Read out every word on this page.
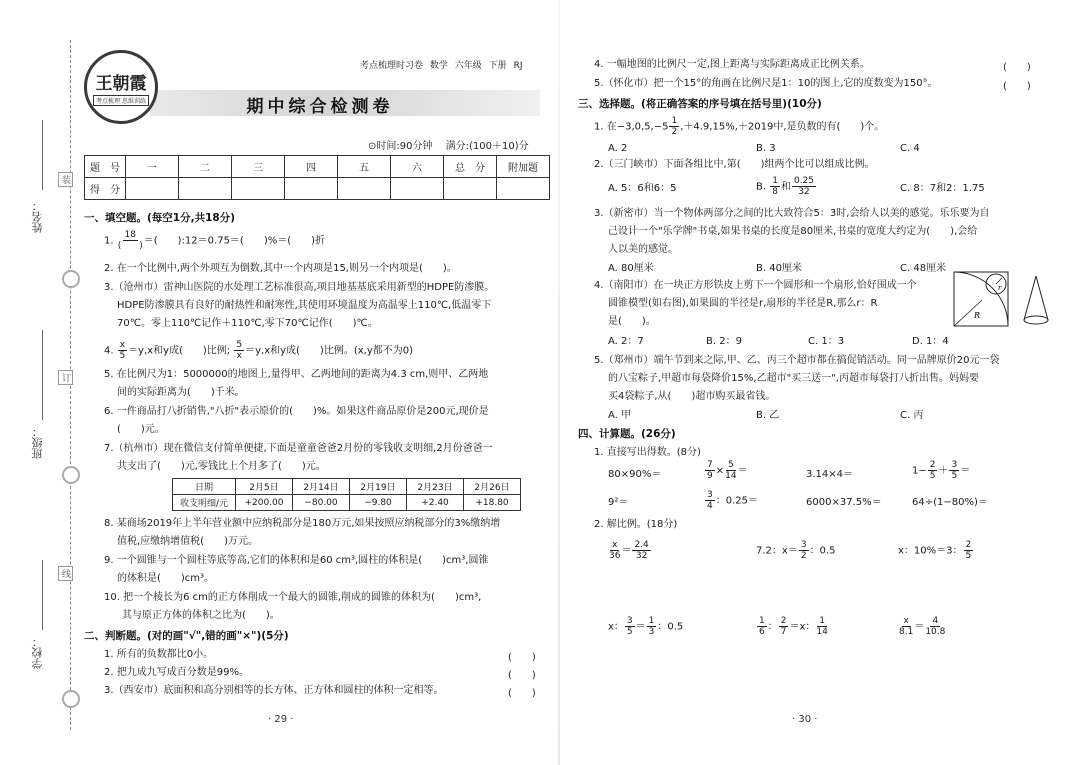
姓名：
班级：
学校：
装
订
线
王朝霞
考点梳理 思维训练
考点梳理时习卷 数学 六年级 下册 RJ
期中综合检测卷
⊙时间:90分钟　 满分:(100＋10)分
题　号	一	二	三	四	五	六	总　分	附加题
得　分								
一、填空题。(每空1分,共18分)
1. $\frac{18}{( )}$ ＝(　　):12＝0.75＝(　　)%＝(　　)折
2. 在一个比例中,两个外项互为倒数,其中一个内项是15,则另一个内项是(　　)。
3.（沧州市）雷神山医院的水处理工艺标准很高,项目地基基底采用新型的HDPE防渗膜。
HDPE防渗膜具有良好的耐热性和耐寒性,其使用环境温度为高温零上110℃,低温零下
70℃。零上110℃记作＋110℃,零下70℃记作(　　)℃。
4. $\frac{x}{5} =y,x$和y成(　　)比例; $\frac{5}{x} =y,x$和y成(　　)比例。(x,y都不为0)
5. 在比例尺为1：5000000的地图上,量得甲、乙两地间的距离为4.3 cm,则甲、乙两地
间的实际距离为(　　)千米。
6. 一件商品打八折销售,"八折"表示原价的(　　)%。如果这件商品原价是200元,现价是
(　　)元。
7.（杭州市）现在微信支付简单便捷,下面是童童爸爸2月份的零钱收支明细,2月份爸爸一
共支出了(　　)元,零钱比上个月多了(　　)元。
日期	2月5日	2月14日	2月19日	2月23日	2月26日
收支明细/元	+200.00	−80.00	−9.80	+2.40	+18.80
8. 某商场2019年上半年营业额中应纳税部分是180万元,如果按照应纳税部分的3%缴纳增
值税,应缴纳增值税(　　)万元。
9. 一个圆锥与一个圆柱等底等高,它们的体积和是60 cm³,圆柱的体积是(　　)cm³,圆锥
的体积是(　　)cm³。
10. 把一个棱长为6 cm的正方体削成一个最大的圆锥,削成的圆锥的体积为(　　)cm³,
其与原正方体的体积之比为(　　)。
二、判断题。(对的画"√",错的画"×")(5分)
1. 所有的负数都比0小。	(　　)
2. 把九成九写成百分数是99%。	(　　)
3.（西安市）底面积和高分别相等的长方体、正方体和圆柱的体积一定相等。	(　　)
· 29 ·
4. 一幅地图的比例尺一定,图上距离与实际距离成正比例关系。	(　　)
5.（怀化市）把一个15°的角画在比例尺是1：10的图上,它的度数变为150°。	(　　)
三、选择题。(将正确答案的序号填在括号里)(10分)
1. 在$-3,0,5,-5 \frac{1}{2} ,+4.9,15\%,+2019$中,是负数的有(　　)个。
A. 2	B. 3	C. 4
2.（三门峡市）下面各组比中,第(　　)组两个比可以组成比例。
A. 5：6和6：5	B. $\frac{1}{8}$ 和 $\frac{0.25}{32}$	C. 8：7和2：1.75
3.（新密市）当一个物体两部分之间的比大致符合5：3时,会给人以美的感觉。乐乐要为自
己设计一个"乐学牌"书桌,如果书桌的长度是80厘米,书桌的宽度大约定为(　　),会给
人以美的感觉。
A. 80厘米	B. 40厘米	C. 48厘米
4.（南阳市）在一块正方形铁皮上剪下一个圆形和一个扇形,恰好围成一个
圆锥模型(如右图),如果圆的半径是r,扇形的半径是R,那么r：R
是(　　)。
A. 2：7	B. 2：9	C. 1：3	D. 1：4
r
R
5.（郑州市）端午节到来之际,甲、乙、丙三个超市都在搞促销活动。同一品牌原价20元一袋
的八宝粽子,甲超市每袋降价15%,乙超市"买三送一",丙超市每袋打八折出售。妈妈要
买4袋粽子,从(　　)超市购买最省钱。
A. 甲	B. 乙	C. 丙
四、计算题。(26分)
1. 直接写出得数。(8分)
80×90%＝	$\frac{7}{9} \times \frac{5}{14}$ ＝	3.14×4＝	$1- \frac{2}{5} + \frac{3}{5}$ ＝
9²＝	$\frac{3}{4}$ ：0.25＝	6000×37.5%＝	64÷(1−80%)＝
2. 解比例。(18分)
$\frac{x}{36} = \frac{2.4}{32}$	7.2：$x= \frac{3}{2}$ ：0.5	x：10%＝3： $\frac{2}{5}$
x： $\frac{3}{5} = \frac{1}{3}$ ：0.5	$\frac{1}{6}$ ： $\frac{2}{7} =x$： $\frac{1}{14}$	$\frac{x}{8.1} = \frac{4}{10.8}$
· 30 ·
